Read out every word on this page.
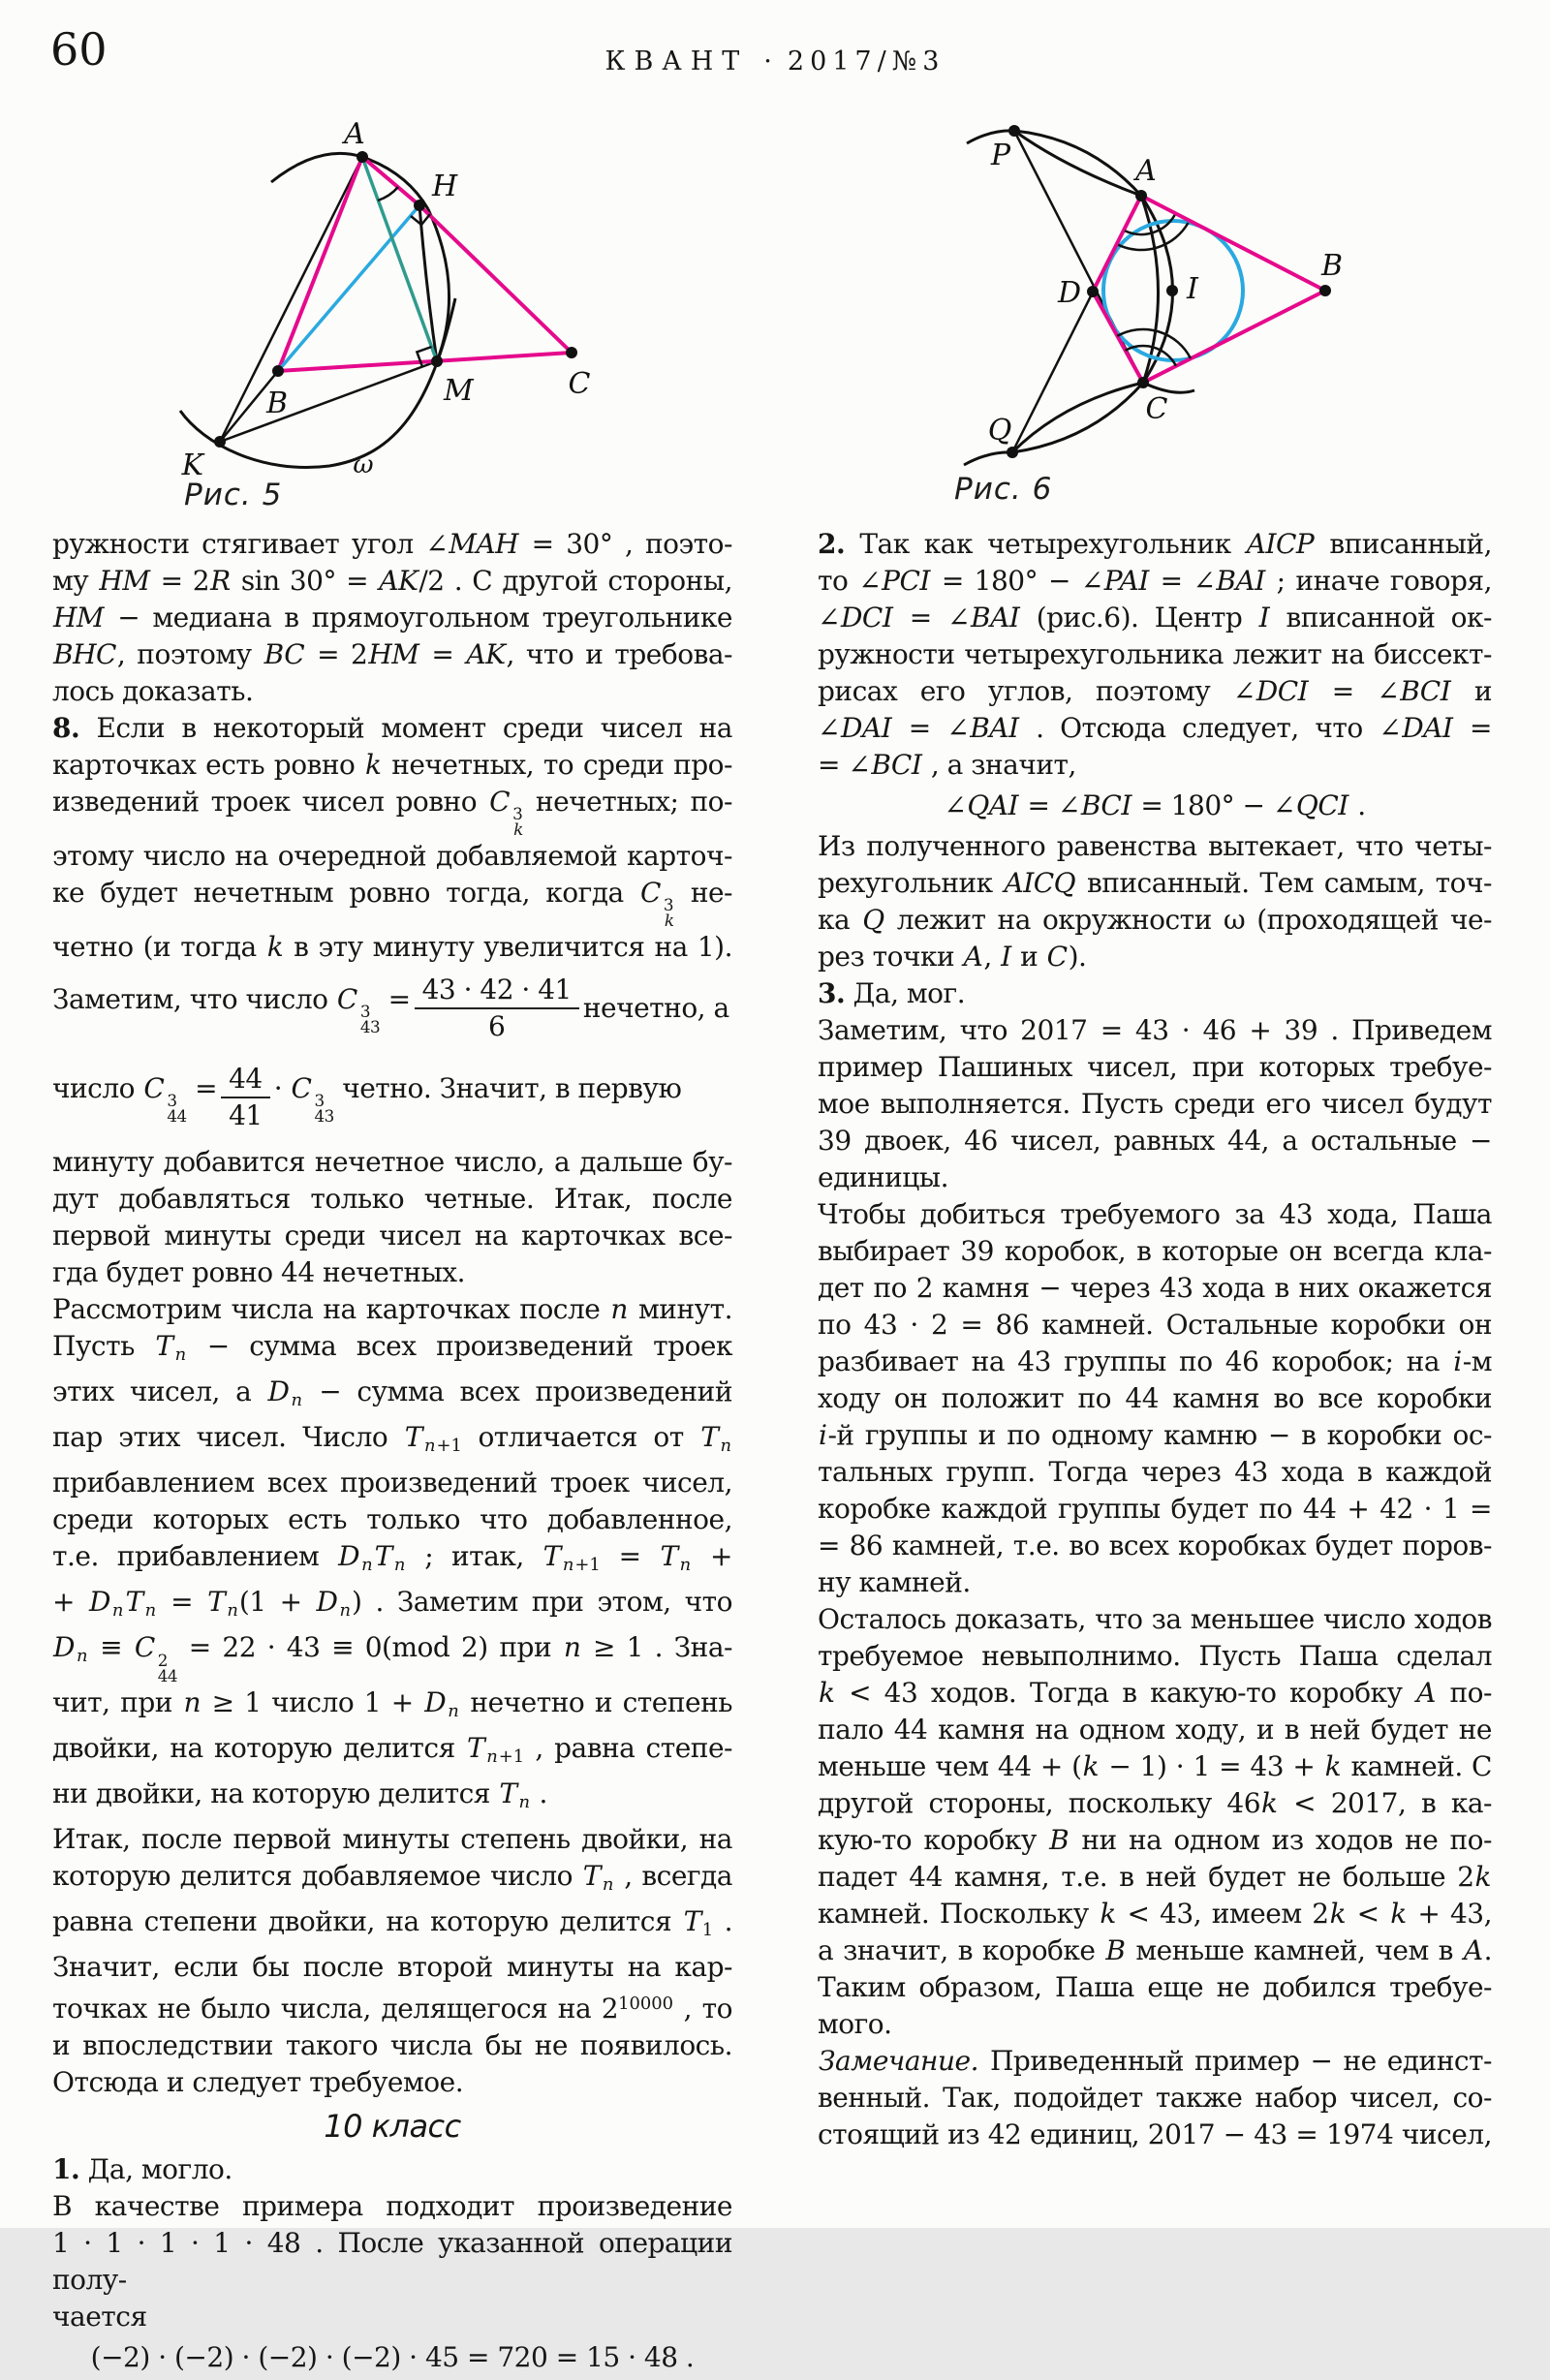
60	КВАНТ · 2017/№3
A
H
B	M	C
K	ω
Рис. 5
P	A
B
D	I
C
Q
Рис. 6
ружности стягивает угол ∠MAH = 30° , поэто-
му HM = 2R sin 30° = AK/2 . С другой стороны,
HM − медиана в прямоугольном треугольнике
BHC, поэтому BC = 2HM = AK, что и требова-
лось доказать.
8. Если в некоторый момент среди чисел на
карточках есть ровно k нечетных, то среди про-
изведений троек чисел ровно C 3
k
нечетных; по-
этому число на очередной добавляемой карточ-
ке будет нечетным ровно тогда, когда C 3
k
не-
четно (и тогда k в эту минуту увеличится на 1).
Заметим, что число C 3
43
= $\frac{43 \cdot 42 \cdot 41}{6}$ нечетно, а
число C 3
44
= $\frac{44}{41} \cdot C$ 3
43
четно. Значит, в первую
минуту добавится нечетное число, а дальше бу-
дут добавляться только четные. Итак, после
первой минуты среди чисел на карточках все-
гда будет ровно 44 нечетных.
Рассмотрим числа на карточках после n минут.
Пусть T $_n$ − сумма всех произведений троек
этих чисел, а D $_n$ − сумма всех произведений
пар этих чисел. Число T $_{n+1}$ отличается от T $_n$
прибавлением всех произведений троек чисел,
среди которых есть только что добавленное,
т.е. прибавлением D $_n$T $_n$ ; итак, T $_{n+1}$ = T $_n$ +
+ D $_n$T $_n$ = T $_n$(1 + D $_n$) . Заметим при этом, что
D $_n$ ≡ C 2
44
= 22 · 43 ≡ 0(mod 2) при n ≥ 1 . Зна-
чит, при n ≥ 1 число 1 + D $_n$ нечетно и степень
двойки, на которую делится T $_{n+1}$ , равна степе-
ни двойки, на которую делится T $_n$ .
Итак, после первой минуты степень двойки, на
которую делится добавляемое число T $_n$ , всегда
равна степени двойки, на которую делится $T_1$ .
Значит, если бы после второй минуты на кар-
точках не было числа, делящегося на $2^{10000}$ , то
и впоследствии такого числа бы не появилось.
Отсюда и следует требуемое.
10 класс
1. Да, могло.
В качестве примера подходит произведение
1 · 1 · 1 · 1 · 48 . После указанной операции полу-
чается
(−2) · (−2) · (−2) · (−2) · 45 = 720 = 15 · 48 .
2. Так как четырехугольник AICP вписанный,
то ∠PCI = 180° − ∠PAI = ∠BAI ; иначе говоря,
∠DCI = ∠BAI (рис.6). Центр I вписанной ок-
ружности четырехугольника лежит на биссект-
рисах его углов, поэтому ∠DCI = ∠BCI и
∠DAI = ∠BAI . Отсюда следует, что ∠DAI =
= ∠BCI , а значит,
∠QAI = ∠BCI = 180° − ∠QCI .
Из полученного равенства вытекает, что четы-
рехугольник AICQ вписанный. Тем самым, точ-
ка Q лежит на окружности ω (проходящей че-
рез точки A, I и C).
3. Да, мог.
Заметим, что 2017 = 43 · 46 + 39 . Приведем
пример Пашиных чисел, при которых требуе-
мое выполняется. Пусть среди его чисел будут
39 двоек, 46 чисел, равных 44, а остальные −
единицы.
Чтобы добиться требуемого за 43 хода, Паша
выбирает 39 коробок, в которые он всегда кла-
дет по 2 камня − через 43 хода в них окажется
по 43 · 2 = 86 камней. Остальные коробки он
разбивает на 43 группы по 46 коробок; на i-м
ходу он положит по 44 камня во все коробки
i-й группы и по одному камню − в коробки ос-
тальных групп. Тогда через 43 хода в каждой
коробке каждой группы будет по 44 + 42 · 1 =
= 86 камней, т.е. во всех коробках будет поров-
ну камней.
Осталось доказать, что за меньшее число ходов
требуемое невыполнимо. Пусть Паша сделал
k < 43 ходов. Тогда в какую-то коробку A по-
пало 44 камня на одном ходу, и в ней будет не
меньше чем 44 + (k − 1) · 1 = 43 + k камней. С
другой стороны, поскольку 46k < 2017, в ка-
кую-то коробку B ни на одном из ходов не по-
падет 44 камня, т.е. в ней будет не больше 2k
камней. Поскольку k < 43, имеем 2k < k + 43,
а значит, в коробке B меньше камней, чем в A.
Таким образом, Паша еще не добился требуе-
мого.
Замечание. Приведенный пример − не единст-
венный. Так, подойдет также набор чисел, со-
стоящий из 42 единиц, 2017 − 43 = 1974 чисел,
